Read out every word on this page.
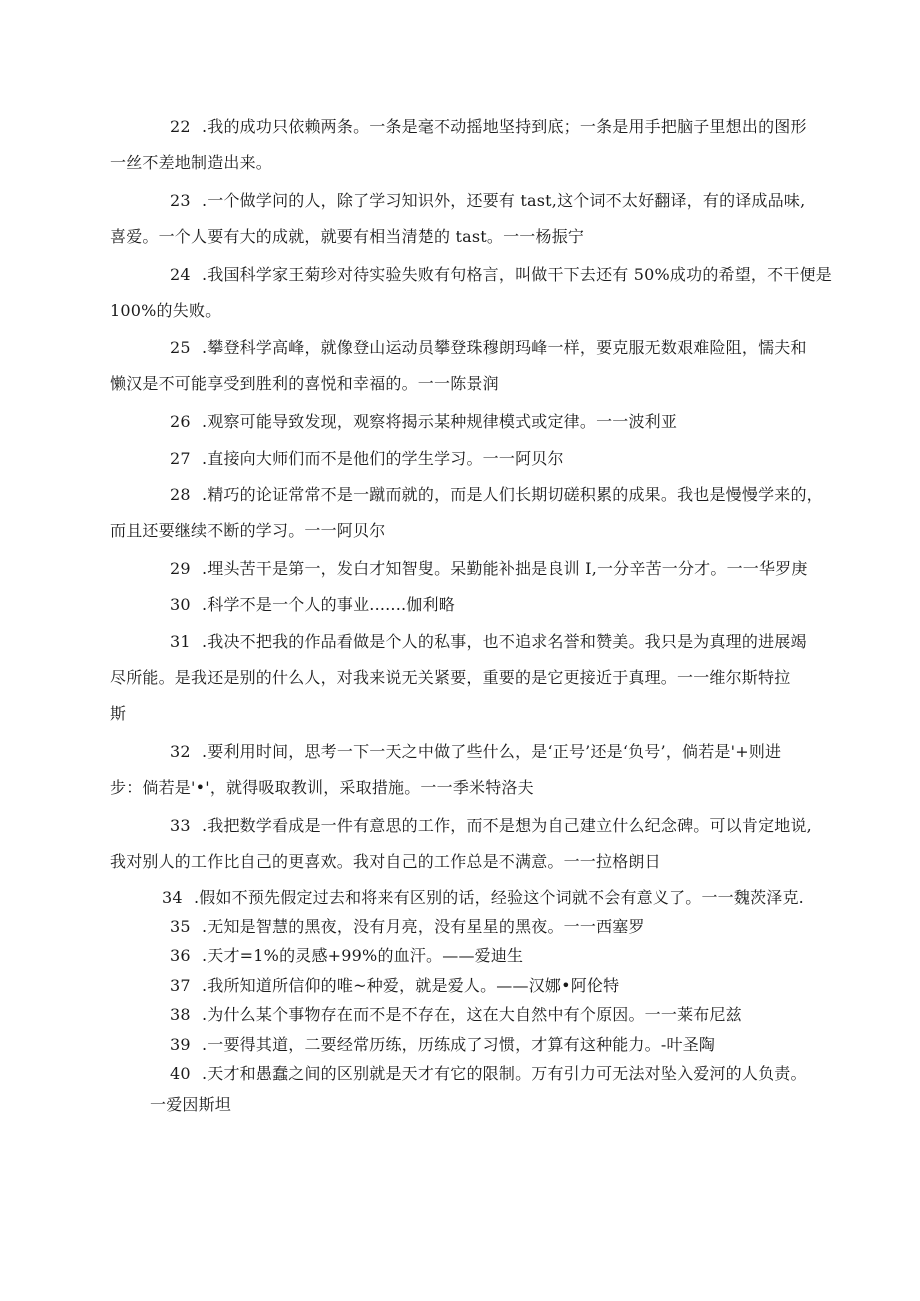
22 .我的成功只依赖两条。一条是毫不动摇地坚持到底；一条是用手把脑子里想出的图形
一丝不差地制造出来。
23 .一个做学问的人，除了学习知识外，还要有 tast,这个词不太好翻译，有的译成品味,
喜爱。一个人要有大的成就，就要有相当清楚的 tast。一一杨振宁
24 .我国科学家王菊珍对待实验失败有句格言，叫做干下去还有 50%成功的希望，不干便是
100%的失败。
25 .攀登科学高峰，就像登山运动员攀登珠穆朗玛峰一样，要克服无数艰难险阻，懦夫和
懒汉是不可能享受到胜利的喜悦和幸福的。一一陈景润
26 .观察可能导致发现，观察将揭示某种规律模式或定律。一一波利亚
27 .直接向大师们而不是他们的学生学习。一一阿贝尔
28 .精巧的论证常常不是一蹴而就的，而是人们长期切磋积累的成果。我也是慢慢学来的，
而且还要继续不断的学习。一一阿贝尔
29 .埋头苦干是第一，发白才知智叟。呆勤能补拙是良训 I,一分辛苦一分才。一一华罗庚
30 .科学不是一个人的事业.......伽利略
31 .我决不把我的作品看做是个人的私事，也不追求名誉和赞美。我只是为真理的进展竭
尽所能。是我还是别的什么人，对我来说无关紧要，重要的是它更接近于真理。一一维尔斯特拉
斯
32 .要利用时间，思考一下一天之中做了些什么，是‘正号’还是‘负号’，倘若是'+则进
步：倘若是'•'，就得吸取教训，采取措施。一一季米特洛夫
33 .我把数学看成是一件有意思的工作，而不是想为自己建立什么纪念碑。可以肯定地说,
我对别人的工作比自己的更喜欢。我对自己的工作总是不满意。一一拉格朗日
34 .假如不预先假定过去和将来有区别的话，经验这个词就不会有意义了。一一魏茨泽克.
35 .无知是智慧的黑夜，没有月亮，没有星星的黑夜。一一西塞罗
36 .天才=1%的灵感+99%的血汗。——爱迪生
37 .我所知道所信仰的唯~种爱，就是爱人。——汉娜•阿伦特
38 .为什么某个事物存在而不是不存在，这在大自然中有个原因。一一莱布尼兹
39 .一要得其道，二要经常历练，历练成了习惯，才算有这种能力。-叶圣陶
40 .天才和愚蠢之间的区别就是天才有它的限制。万有引力可无法对坠入爱河的人负责。
一爱因斯坦
